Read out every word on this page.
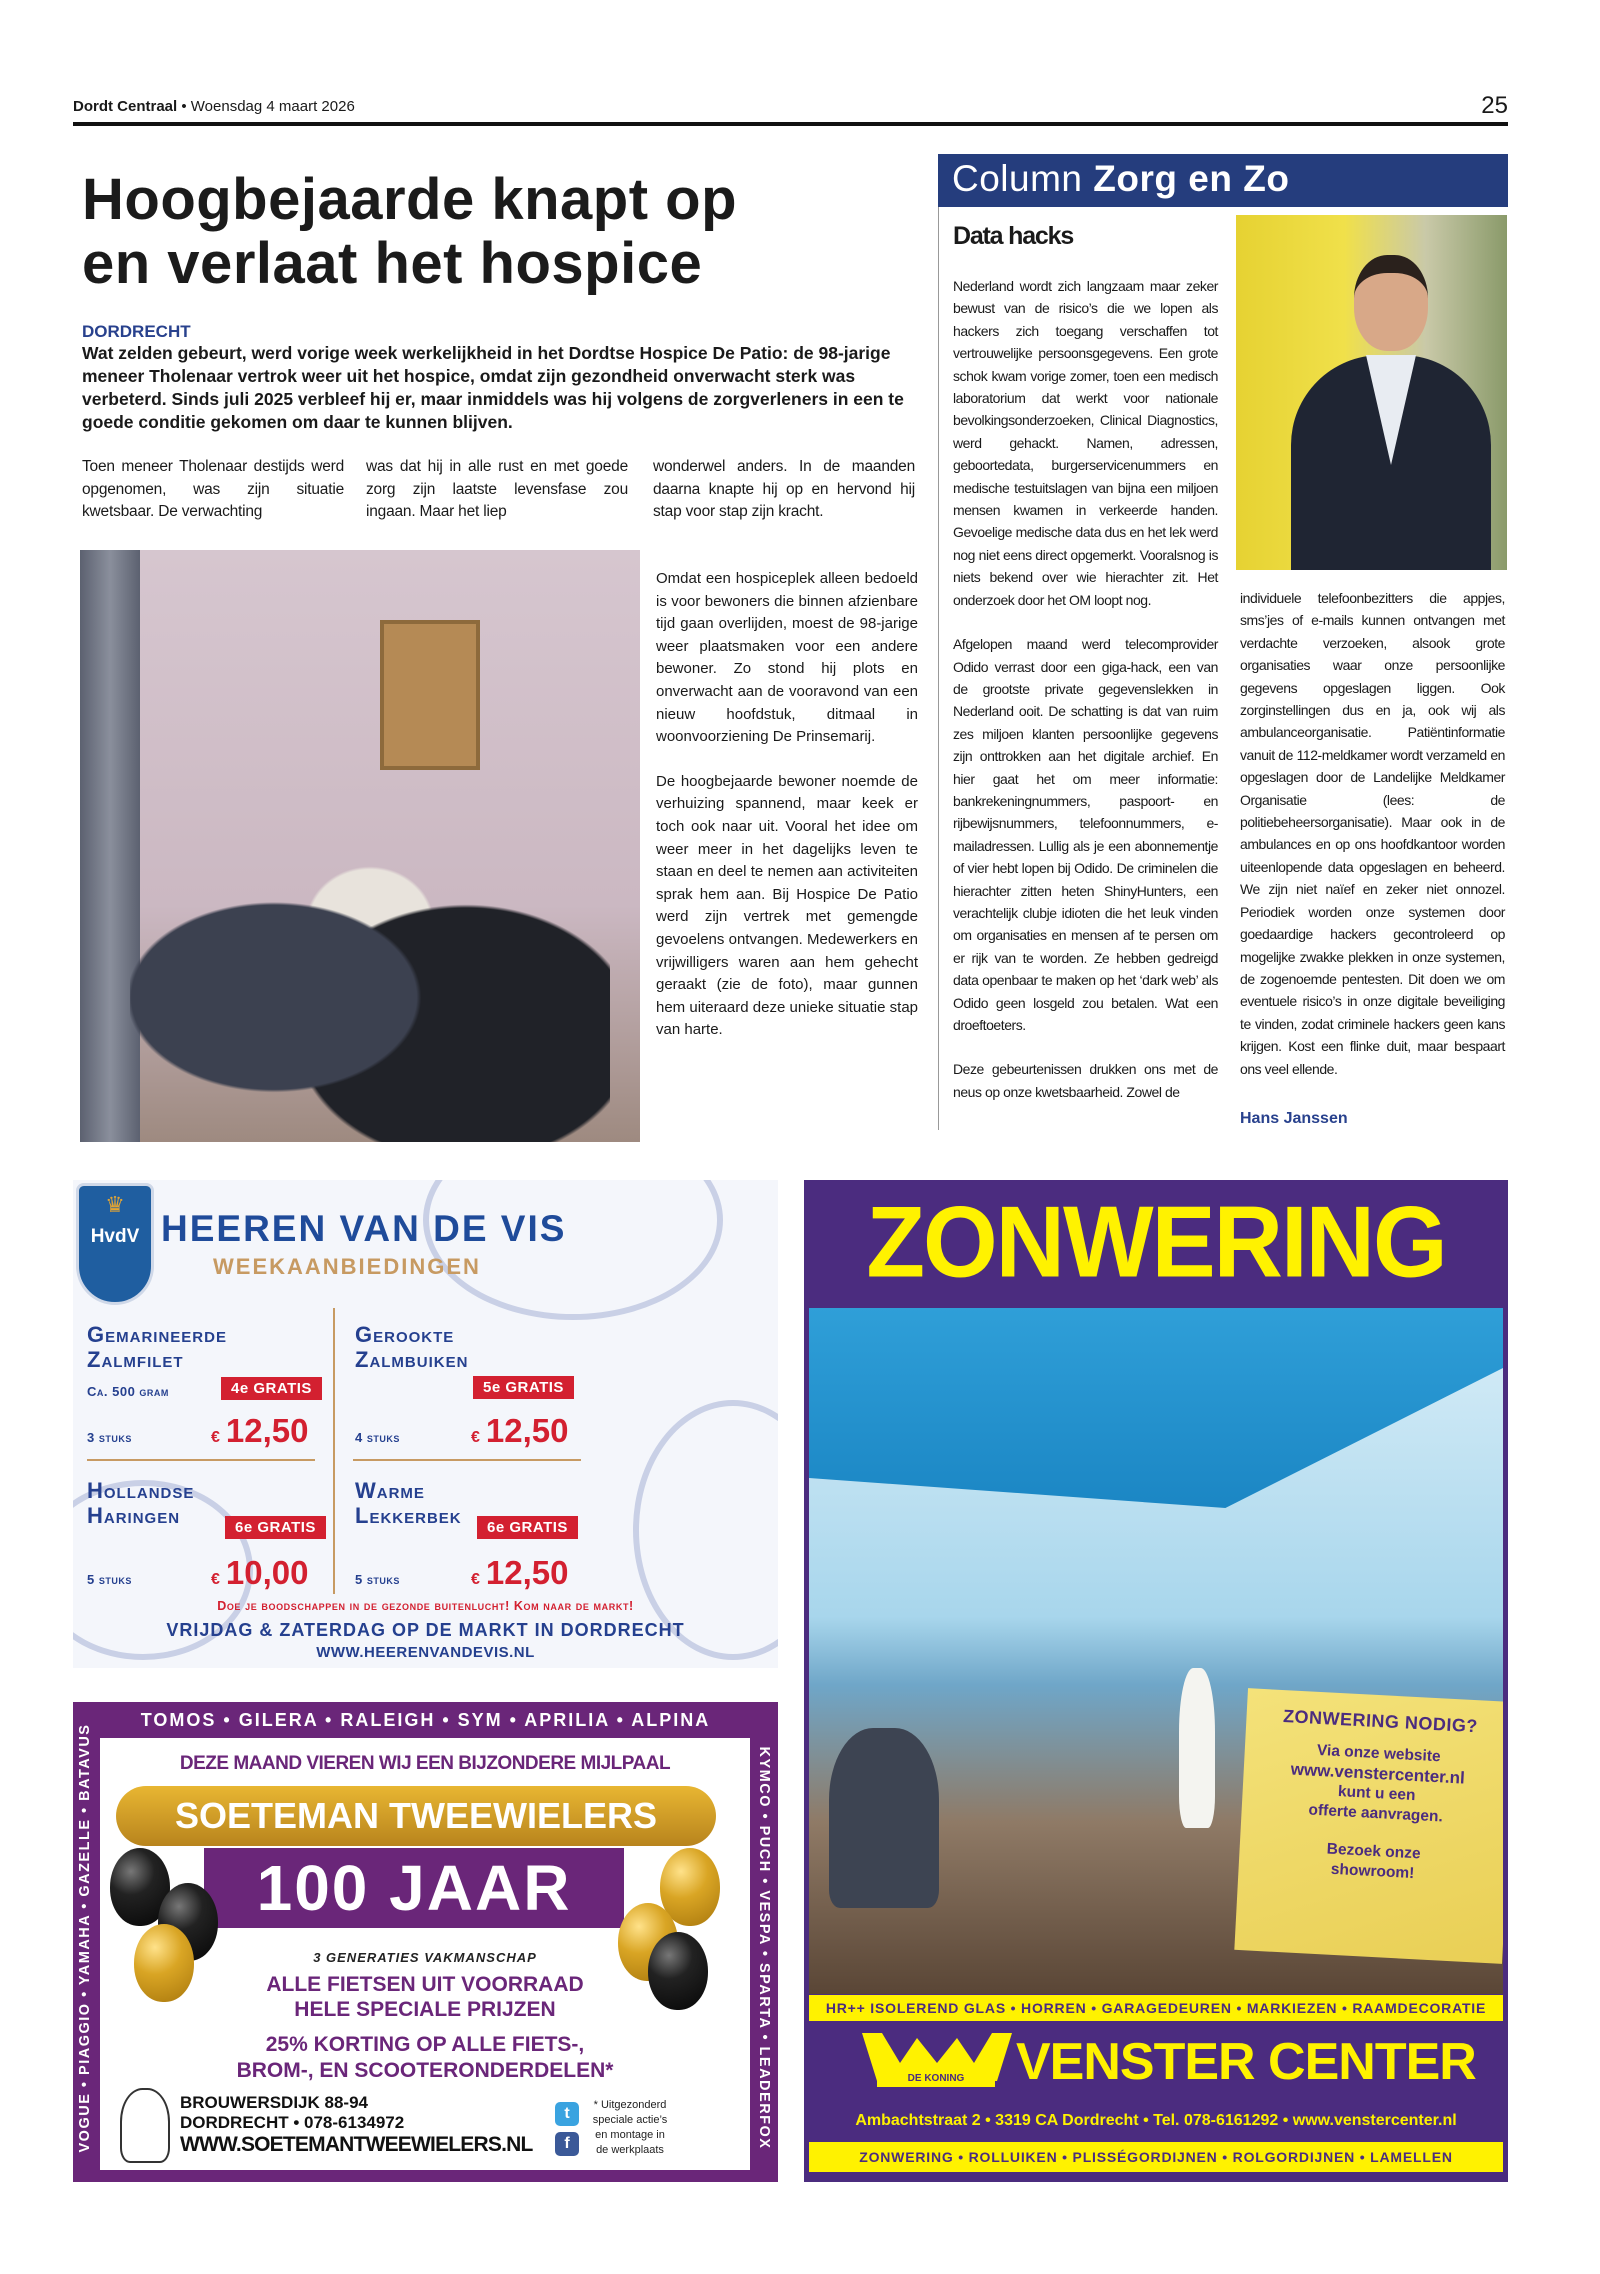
Dordt Centraal • Woensdag 4 maart 2026	25
Hoogbejaarde knapt op
en verlaat het hospice
DORDRECHT

Wat zelden gebeurt, werd vorige week werkelijkheid in het Dordtse Hospice De Patio: de 98-jarige meneer Tholenaar vertrok weer uit het hospice, omdat zijn gezondheid onverwacht sterk was verbeterd. Sinds juli 2025 verbleef hij er, maar inmiddels was hij volgens de zorgverleners in een te goede conditie gekomen om daar te kunnen blijven.

Toen meneer Tholenaar destijds werd opgenomen, was zijn situatie kwetsbaar. De verwachting

was dat hij in alle rust en met goede zorg zijn laatste levensfase zou ingaan. Maar het liep

wonderwel anders. In de maanden daarna knapte hij op en hervond hij stap voor stap zijn kracht.

Omdat een hospiceplek alleen bedoeld is voor bewoners die binnen afzienbare tijd gaan overlijden, moest de 98-jarige weer plaatsmaken voor een andere bewoner. Zo stond hij plots en onverwacht aan de vooravond van een nieuw hoofdstuk, ditmaal in woonvoorziening De Prinsemarij.

De hoogbejaarde bewoner noemde de verhuizing spannend, maar keek er toch ook naar uit. Vooral het idee om weer meer in het dagelijks leven te staan en deel te nemen aan activiteiten sprak hem aan. Bij Hospice De Patio werd zijn vertrek met gemengde gevoelens ontvangen. Medewerkers en vrijwilligers waren aan hem gehecht geraakt (zie de foto), maar gunnen hem uiteraard deze unieke situatie stap van harte.

Column Zorg en Zo
Data hacks

Nederland wordt zich langzaam maar zeker bewust van de risico’s die we lopen als hackers zich toegang verschaffen tot vertrouwelijke persoonsgegevens. Een grote schok kwam vorige zomer, toen een medisch laboratorium dat werkt voor nationale bevolkingsonderzoeken, Clinical Diagnostics, werd gehackt. Namen, adressen, geboortedata, burgerservicenummers en medische testuitslagen van bijna een miljoen mensen kwamen in verkeerde handen. Gevoelige medische data dus en het lek werd nog niet eens direct opgemerkt. Vooralsnog is niets bekend over wie hierachter zit. Het onderzoek door het OM loopt nog.

Afgelopen maand werd telecomprovider Odido verrast door een giga-hack, een van de grootste private gegevenslekken in Nederland ooit. De schatting is dat van ruim zes miljoen klanten persoonlijke gegevens zijn onttrokken aan het digitale archief. En hier gaat het om meer informatie: bankrekeningnummers, paspoort- en rijbewijsnummers, telefoonnummers, e-mailadressen. Lullig als je een abonnementje of vier hebt lopen bij Odido. De criminelen die hierachter zitten heten ShinyHunters, een verachtelijk clubje idioten die het leuk vinden om organisaties en mensen af te persen om er rijk van te worden. Ze hebben gedreigd data openbaar te maken op het ‘dark web’ als Odido geen losgeld zou betalen. Wat een droeftoeters.

Deze gebeurtenissen drukken ons met de neus op onze kwetsbaarheid. Zowel de

individuele telefoonbezitters die appjes, sms’jes of e-mails kunnen ontvangen met verdachte verzoeken, alsook grote organisaties waar onze persoonlijke gegevens opgeslagen liggen. Ook zorginstellingen dus en ja, ook wij als ambulanceorganisatie. Patiëntinformatie vanuit de 112-meldkamer wordt verzameld en opgeslagen door de Landelijke Meldkamer Organisatie (lees: de politiebeheersorganisatie). Maar ook in de ambulances en op ons hoofdkantoor worden uiteenlopende data opgeslagen en beheerd. We zijn niet naïef en zeker niet onnozel. Periodiek worden onze systemen door goedaardige hackers gecontroleerd op mogelijke zwakke plekken in onze systemen, de zogenoemde pentesten. Dit doen we om eventuele risico’s in onze digitale beveiliging te vinden, zodat criminele hackers geen kans krijgen. Kost een flinke duit, maar bespaart ons veel ellende.

Hans Janssen
♛
HvdV HEEREN VAN DE VIS
WEEKAANBIEDINGEN
Gemarineerde
Zalmfilet
Ca. 500 gram	4e GRATIS
3 stuks	€ 12,50
Gerookte
Zalmbuiken
5e GRATIS
4 stuks	€ 12,50
Hollandse
Haringen	6e GRATIS
5 stuks	€ 10,00
Warme
Lekkerbek	6e GRATIS
5 stuks	€ 12,50
Doe je boodschappen in de gezonde buitenlucht! Kom naar de markt!
VRIJDAG & ZATERDAG OP DE MARKT IN DORDRECHT
WWW.HEERENVANDEVIS.NL
TOMOS • GILERA • RALEIGH • SYM • APRILIA • ALPINA
VOGUE • PIAGGIO • YAMAHA • GAZELLE • BATAVUS	KYMCO • PUCH • VESPA • SPARTA • LEADERFOX
DEZE MAAND VIEREN WIJ EEN BIJZONDERE MIJLPAAL
SOETEMAN TWEEWIELERS
100 JAAR
3 GENERATIES VAKMANSCHAP
ALLE FIETSEN UIT VOORRAAD
HELE SPECIALE PRIJZEN
25% KORTING OP ALLE FIETS-,
BROM-, EN SCOOTERONDERDELEN*
BROUWERSDIJK 88-94
DORDRECHT • 078-6134972
WWW.SOETEMANTWEEWIELERS.NL
t
f
* Uitgezonderd speciale actie’s en montage in de werkplaats
ZONWERING
ZONWERING NODIG?
Via onze website
www.venstercenter.nl
kunt u een
offerte aanvragen.
Bezoek onze
showroom!
HR++ ISOLEREND GLAS • HORREN • GARAGEDEUREN • MARKIEZEN • RAAMDECORATIE
DE KONING VENSTER CENTER
Ambachtstraat 2 • 3319 CA Dordrecht • Tel. 078-6161292 • www.venstercenter.nl
ZONWERING • ROLLUIKEN • PLISSÉGORDIJNEN • ROLGORDIJNEN • LAMELLEN
